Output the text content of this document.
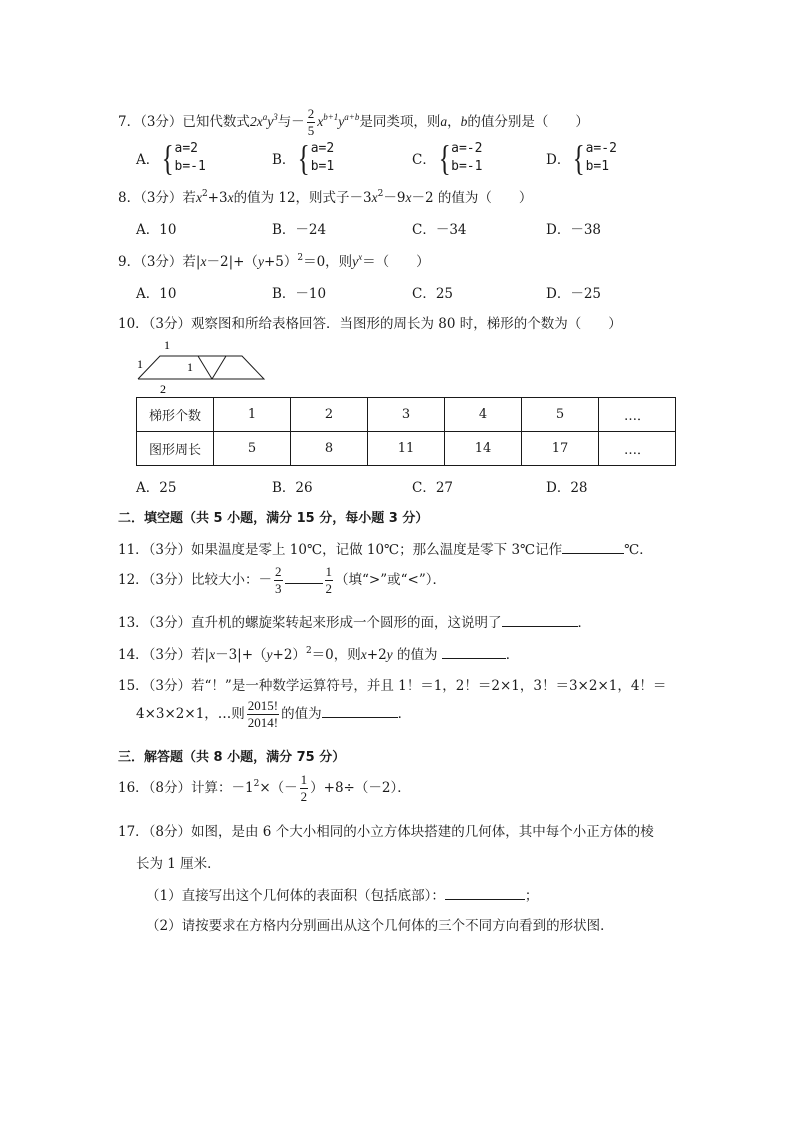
7．（3分）已知代数式$2x^ay^3$与－ $\frac{2}{5} x^{b+1}y^{a+b}$是同类项，则a，b的值分别是（　　）
A．{a=2
b=-1	B．{a=2
b=1	C．{a=-2
b=-1	D．{a=-2
b=1
8．（3分）若$x^2+3x$的值为 12，则式子$-3x^2-9x-2$ 的值为（　　）
A．10	B．－24	C．－34	D．－38
9．（3分）若$|x-2|+(y+5)^2=0$，则$y^x=$（　　）
A．10	B．－10	C．25	D．－25
10．（3分）观察图和所给表格回答．当图形的周长为 80 时，梯形的个数为（　　）
1
1	1
2
梯形个数	1	2	3	4	5	…．
图形周长	5	8	11	14	17	…．
A．25	B．26	C．27	D．28
二．填空题（共 5 小题，满分 15 分，每小题 3 分）
11．（3分）如果温度是零上 10℃，记做 10℃；那么温度是零下 3℃记作	℃．
12．（3分）比较大小：－ $\frac{2}{3}$	$\frac{1}{2}$ （填“>”或“<”）．
13．（3分）直升机的螺旋桨转起来形成一个圆形的面，这说明了	．
14．（3分）若$|x-3|+(y+2)^2=0$，则x+2y 的值为	．
15．（3分）若“！”是一种数学运算符号，并且 1！＝1，2！＝2×1，3！＝3×2×1，4！＝
4×3×2×1，…则 $\frac{2015!}{2014!}$ 的值为	．
三．解答题（共 8 小题，满分 75 分）
16．（8分）计算：$-1^2\times(- \frac{1}{2} )+8\div(-2)$．
17．（8分）如图，是由 6 个大小相同的小立方体块搭建的几何体，其中每个小正方体的棱
长为 1 厘米．
（1）直接写出这个几何体的表面积（包括底部）：	；
（2）请按要求在方格内分别画出从这个几何体的三个不同方向看到的形状图．
